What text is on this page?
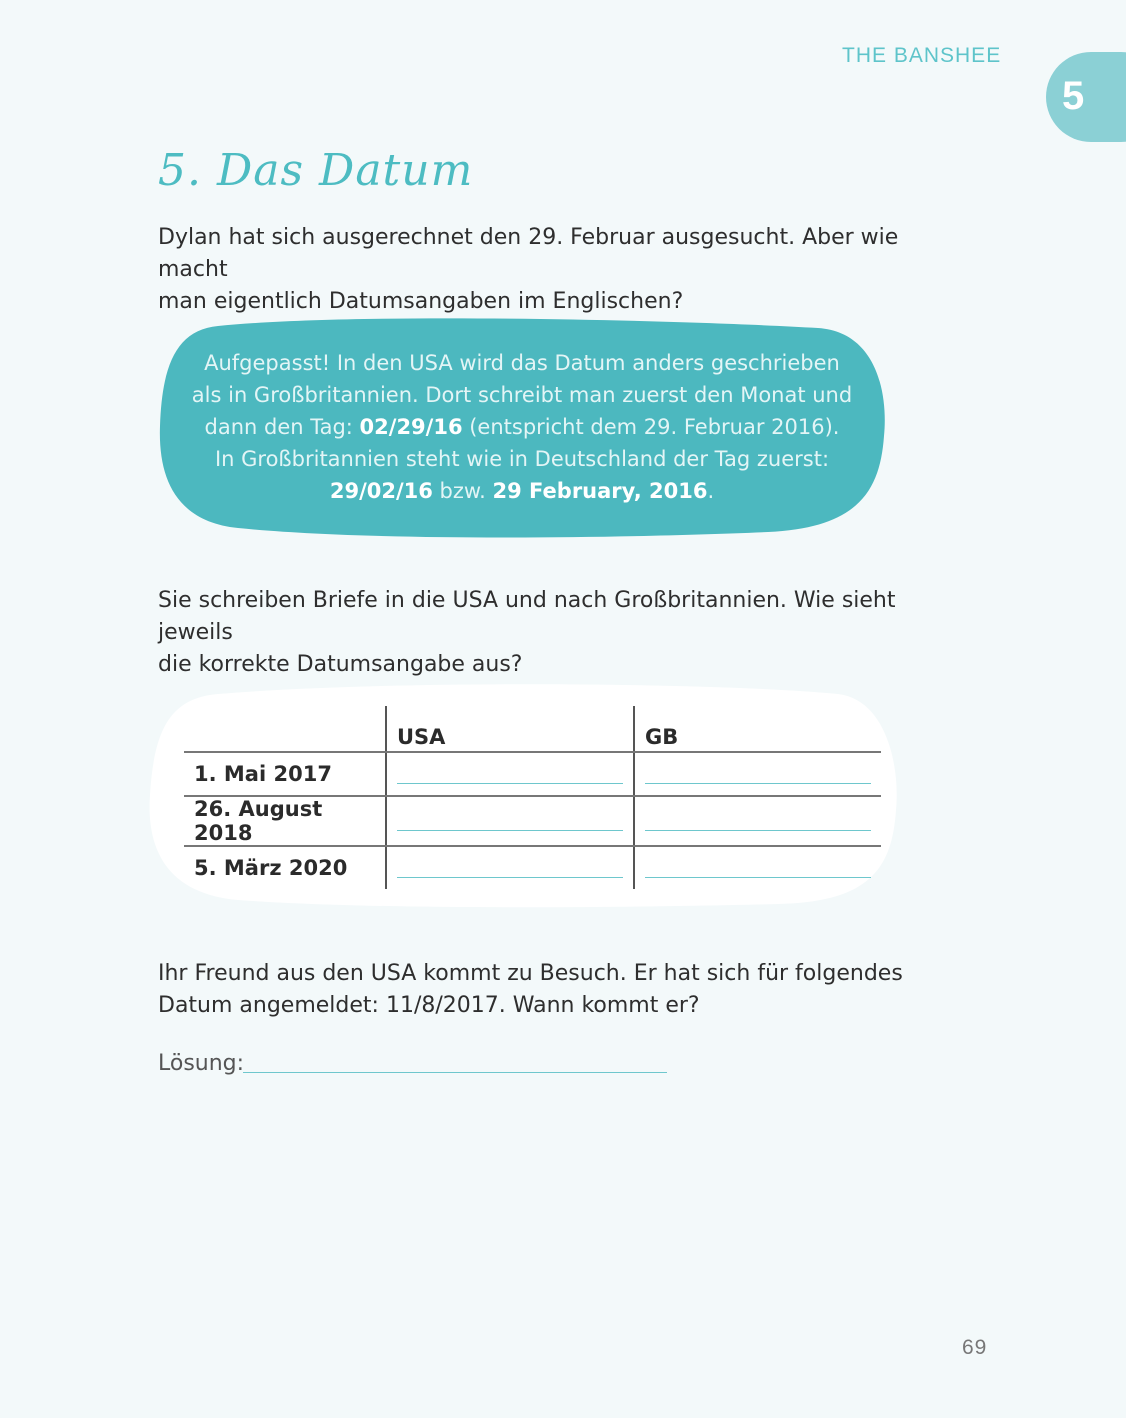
THE BANSHEE
5
5. Das Datum

Dylan hat sich ausgerechnet den 29. Februar ausgesucht. Aber wie macht

man eigentlich Datumsangaben im Englischen?

Aufgepasst! In den USA wird das Datum anders geschrieben

als in Großbritannien. Dort schreibt man zuerst den Monat und

dann den Tag: 02/29/16 (entspricht dem 29. Februar 2016).

In Großbritannien steht wie in Deutschland der Tag zuerst:

29/02/16 bzw. 29 February, 2016.

Sie schreiben Briefe in die USA und nach Großbritannien. Wie sieht jeweils

die korrekte Datumsangabe aus?

	USA	GB
1. Mai 2017	

26. August 2018	

5. März 2020	

Ihr Freund aus den USA kommt zu Besuch. Er hat sich für folgendes

Datum angemeldet: 11/8/2017. Wann kommt er?

Lösung:
69
